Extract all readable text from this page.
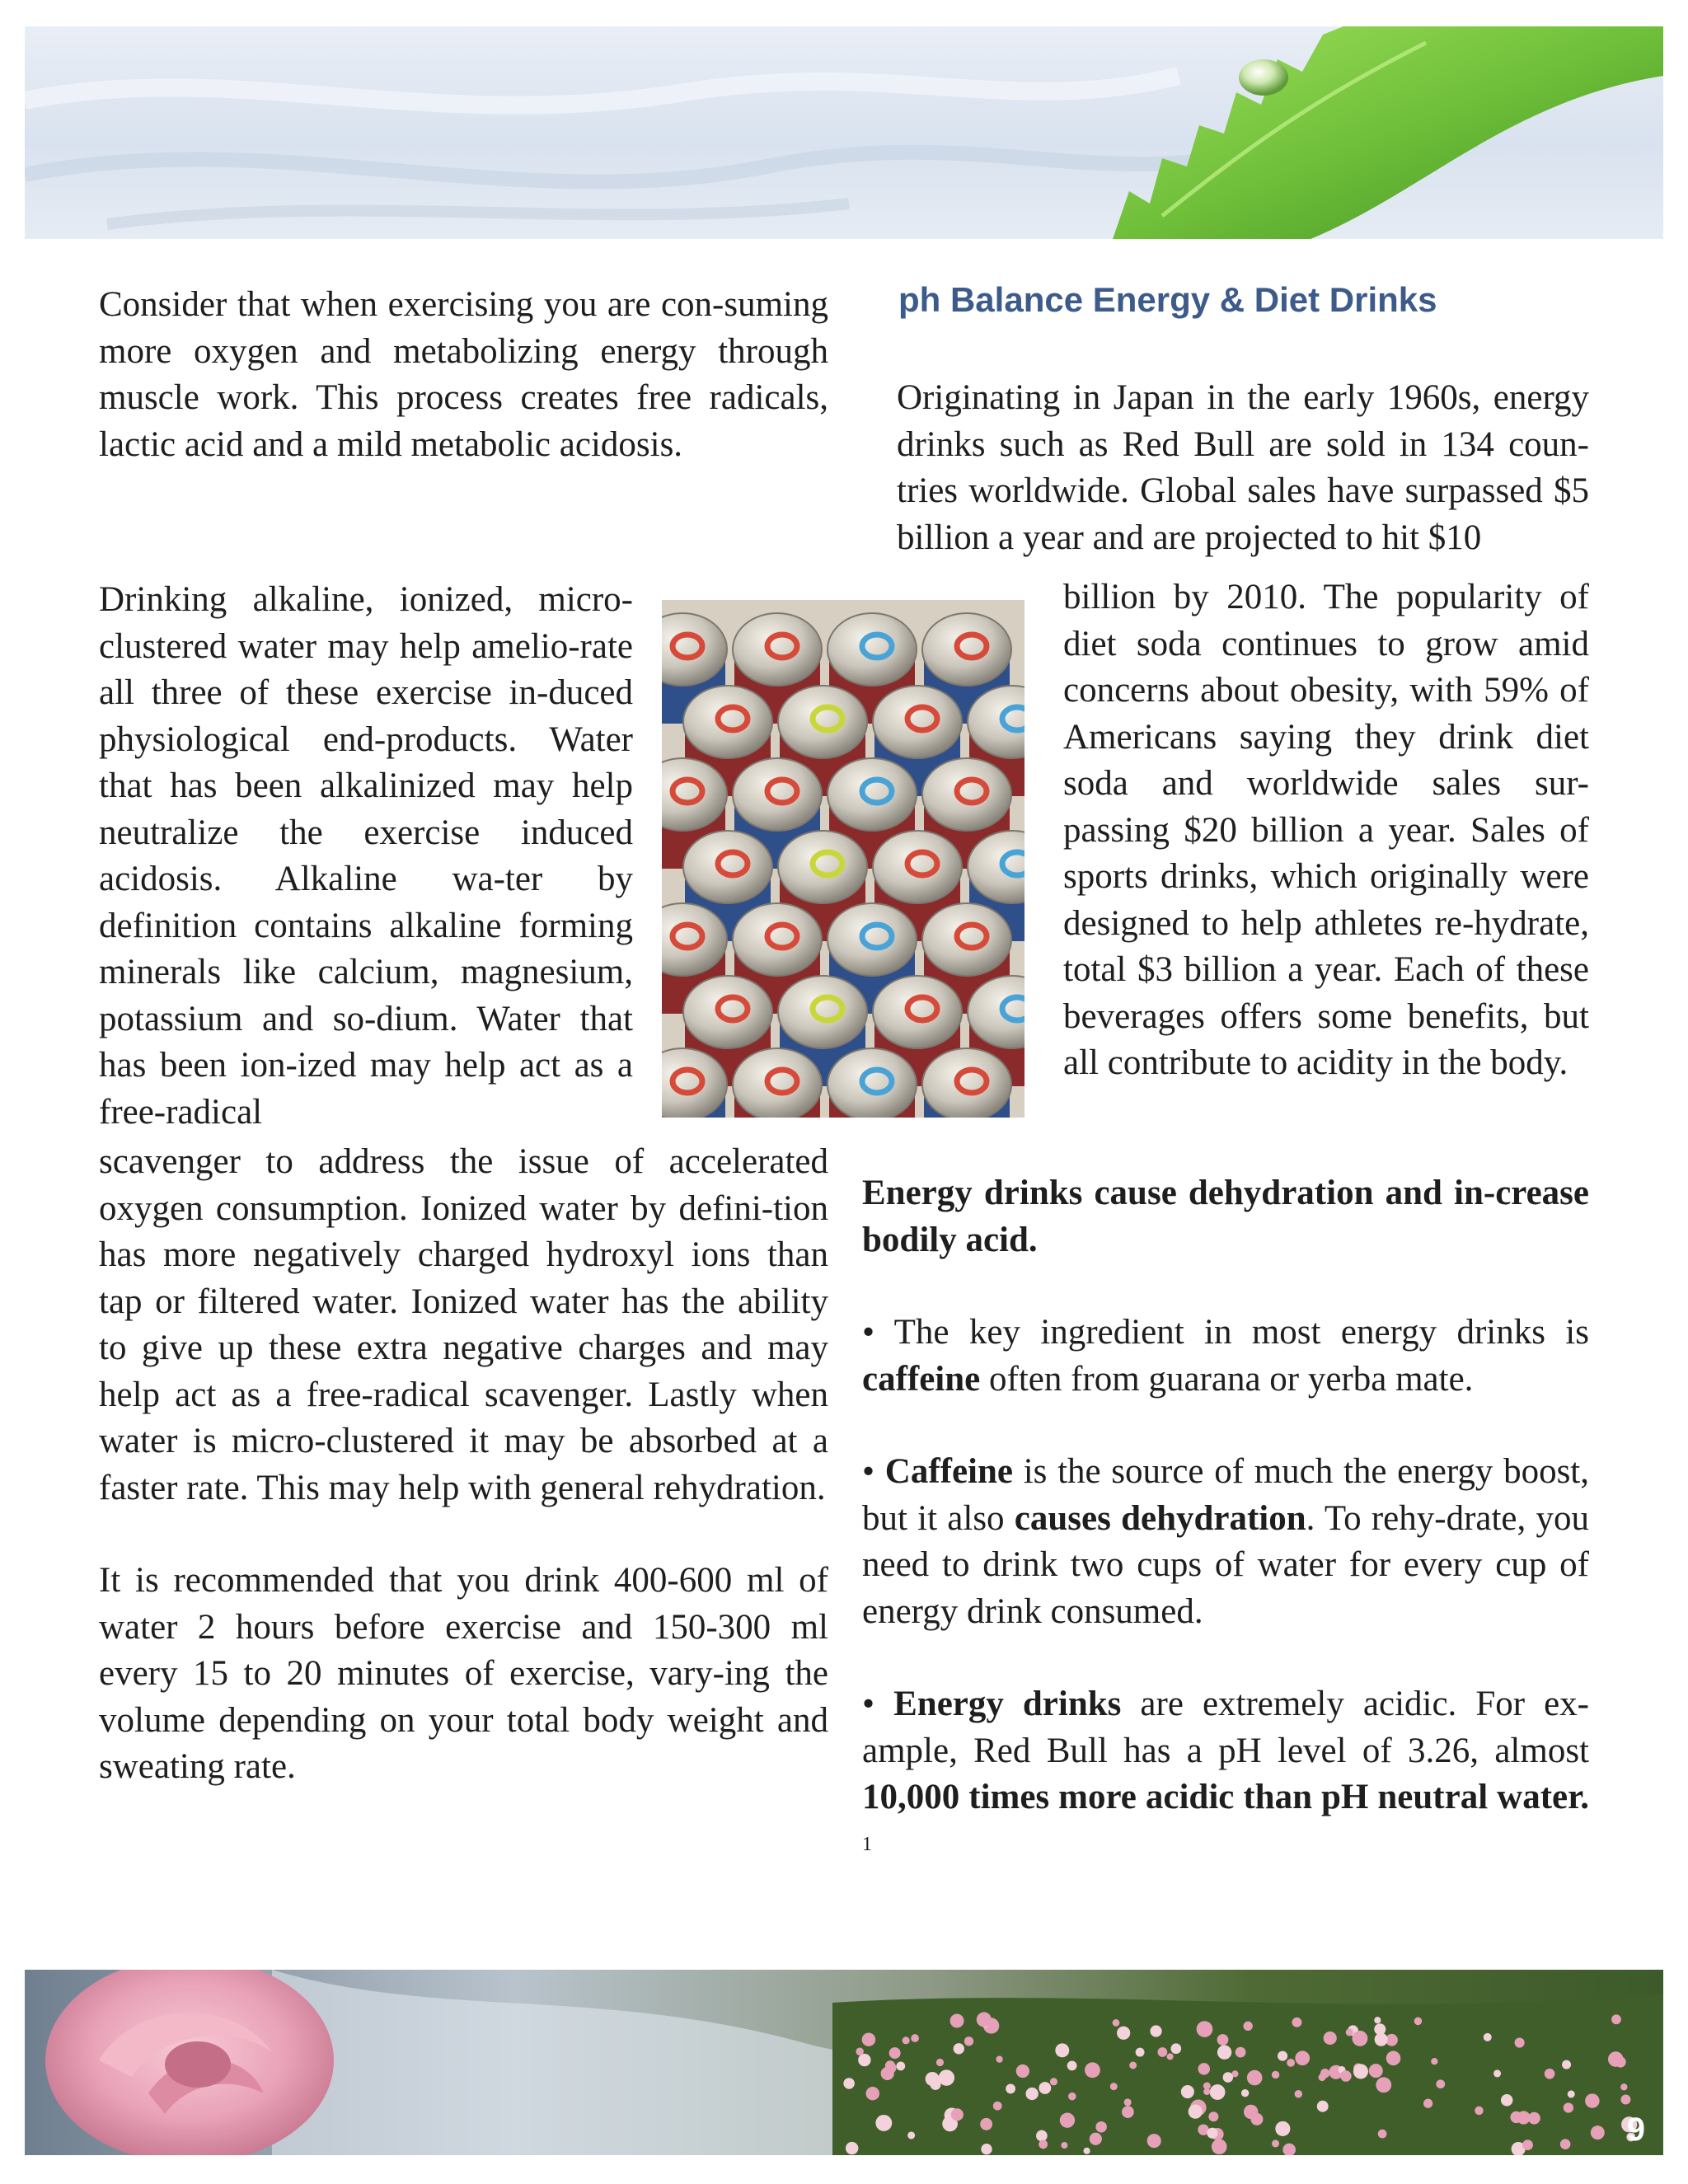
Consider that when exercising you are con-suming more oxygen and metabolizing energy through muscle work. This process creates free radicals, lactic acid and a mild metabolic acidosis.

Drinking alkaline, ionized, micro-clustered water may help amelio-rate all three of these exercise in-duced physiological end-products. Water that has been alkalinized may help neutralize the exercise induced acidosis. Alkaline wa-ter by definition contains alkaline forming minerals like calcium, magnesium, potassium and so-dium. Water that has been ion-ized may help act as a free-radical

scavenger to address the issue of accelerated oxygen consumption. Ionized water by defini-tion has more negatively charged hydroxyl ions than tap or filtered water. Ionized water has the ability to give up these extra negative charges and may help act as a free-radical scavenger. Lastly when water is micro-clustered it may be absorbed at a faster rate. This may help with general rehydration.

It is recommended that you drink 400-600 ml of water 2 hours before exercise and 150-300 ml every 15 to 20 minutes of exercise, vary-ing the volume depending on your total body weight and sweating rate.

ph Balance Energy & Diet Drinks

Originating in Japan in the early 1960s, energy drinks such as Red Bull are sold in 134 coun-tries worldwide. Global sales have surpassed $5 billion a year and are projected to hit $10

billion by 2010. The popularity of diet soda continues to grow amid concerns about obesity, with 59% of Americans saying they drink diet soda and worldwide sales sur-passing $20 billion a year. Sales of sports drinks, which originally were designed to help athletes re-hydrate, total $3 billion a year. Each of these beverages offers some benefits, but all contribute to acidity in the body.

Energy drinks cause dehydration and in-crease bodily acid.

• The key ingredient in most energy drinks is caffeine often from guarana or yerba mate.

• Caffeine is the source of much the energy boost, but it also causes dehydration. To rehy-drate, you need to drink two cups of water for every cup of energy drink consumed.

• Energy drinks are extremely acidic. For ex-ample, Red Bull has a pH level of 3.26, almost 10,000 times more acidic than pH neutral water. $^1$

9
